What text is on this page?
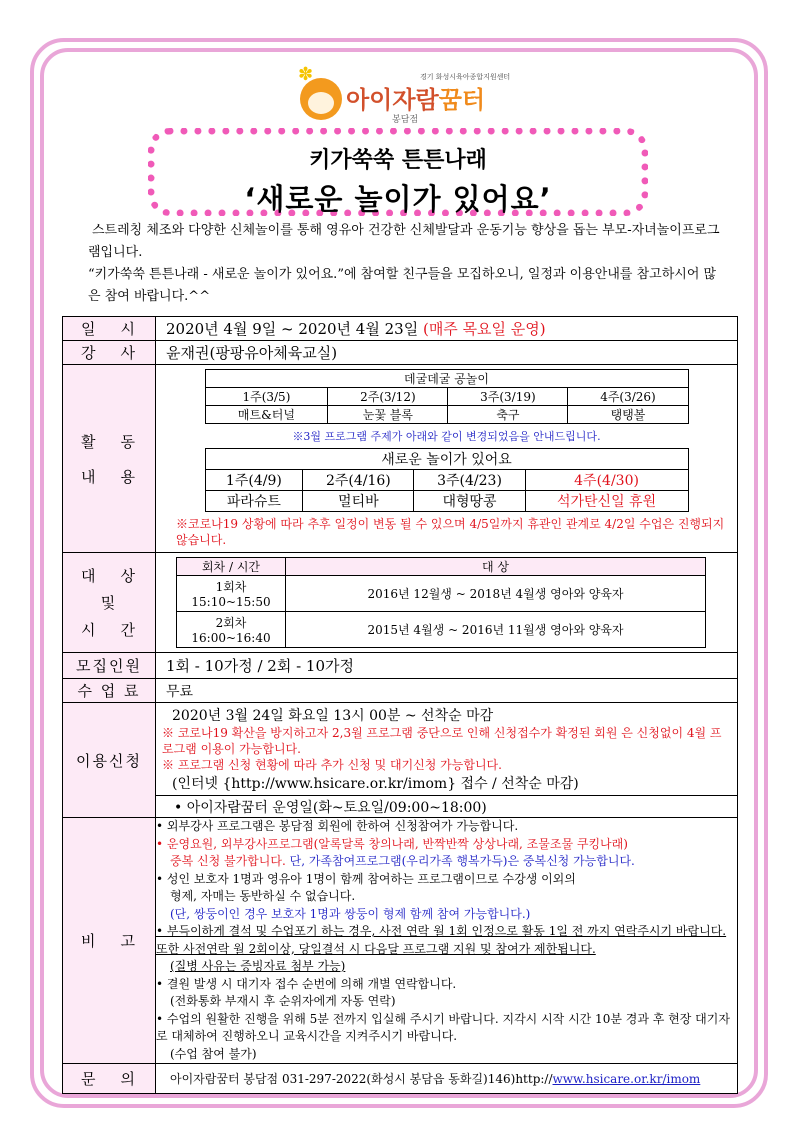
✽
아이자람꿈터
봉담점
경기 화성시육아종합지원센터
키가쑥쑥 튼튼나래
‘새로운 놀이가 있어요’

스트레칭 체조와 다양한 신체놀이를 통해 영유아 건강한 신체발달과 운동기능 향상을 돕는 부모-자녀놀이프로그램입니다.

“키가쑥쑥 튼튼나래 - 새로운 놀이가 있어요.”에 참여할 친구들을 모집하오니, 일정과 이용안내를 참고하시어 많은 참여 바랍니다.^^

일 시	2020년 4월 9일 ~ 2020년 4월 23일 (매주 목요일 운영)

강 사	윤재권(팡팡유아체육교실)

활 동
내 용

데굴데굴 공놀이
1주(3/5)	2주(3/12)	3주(3/19)	4주(3/26)
매트&터널	눈꽃 블록	축구	탱탱볼
※3월 프로그램 주제가 아래와 같이 변경되었음을 안내드립니다.
새로운 놀이가 있어요
1주(4/9)	2주(4/16)	3주(4/23)	4주(4/30)
파라슈트	멀티바	대형땅콩	석가탄신일 휴원
※코로나19 상황에 따라 추후 일정이 변동 될 수 있으며 4/5일까지 휴관인 관계로 4/2일 수업은 진행되지 않습니다.

대 상
및
시 간

회차 / 시간	대 상

1회차
15:10~15:50
	2016년 12월생 ~ 2018년 4월생 영아와 양육자

2회차
16:00~16:40
	2015년 4월생 ~ 2016년 11월생 영아와 양육자

모집인원	1회 - 10가정 / 2회 - 10가정
수 업 료	무료
이용신청	
2020년 3월 24일 화요일 13시 00분 ~ 선착순 마감
※ 코로나19 확산을 방지하고자 2,3월 프로그램 중단으로 인해 신청접수가 확정된 회원 은 신청없이 4월 프로그램 이용이 가능합니다.
※ 프로그램 신청 현황에 따라 추가 신청 및 대기신청 가능합니다.
(인터넷 {http://www.hsicare.or.kr/imom} 접수 / 선착순 마감)

• 아이자람꿈터 운영일(화~토요일/09:00~18:00)

비 고

• 외부강사 프로그램은 봉담점 회원에 한하여 신청참여가 가능합니다.
• 운영요원, 외부강사프로그램(알록달록 창의나래, 반짝반짝 상상나래, 조물조물 쿠킹나래)
중복 신청 불가합니다. 단, 가족참여프로그램(우리가족 행복가득)은 중복신청 가능합니다.
• 성인 보호자 1명과 영유아 1명이 함께 참여하는 프로그램이므로 수강생 이외의
형제, 자매는 동반하실 수 없습니다.
(단, 쌍둥이인 경우 보호자 1명과 쌍둥이 형제 함께 참여 가능합니다.)
• 부득이하게 결석 및 수업포기 하는 경우, 사전 연락 월 1회 인정으로 활동 1일 전 까지 연락주시기 바랍니다. 또한 사전연락 월 2회이상, 당일결석 시 다음달 프로그램 지원 및 참여가 제한됩니다.
(질병 사유는 증빙자료 첨부 가능)
• 결원 발생 시 대기자 접수 순번에 의해 개별 연락합니다.
(전화통화 부재시 후 순위자에게 자동 연락)
• 수업의 원활한 진행을 위해 5분 전까지 입실해 주시기 바랍니다. 지각시 시작 시간 10분 경과 후 현장 대기자로 대체하여 진행하오니 교육시간을 지켜주시기 바랍니다.
(수업 참여 불가)

문 의	아이자람꿈터 봉담점 031-297-2022(화성시 봉담읍 동화길)146)http://www.hsicare.or.kr/imom
